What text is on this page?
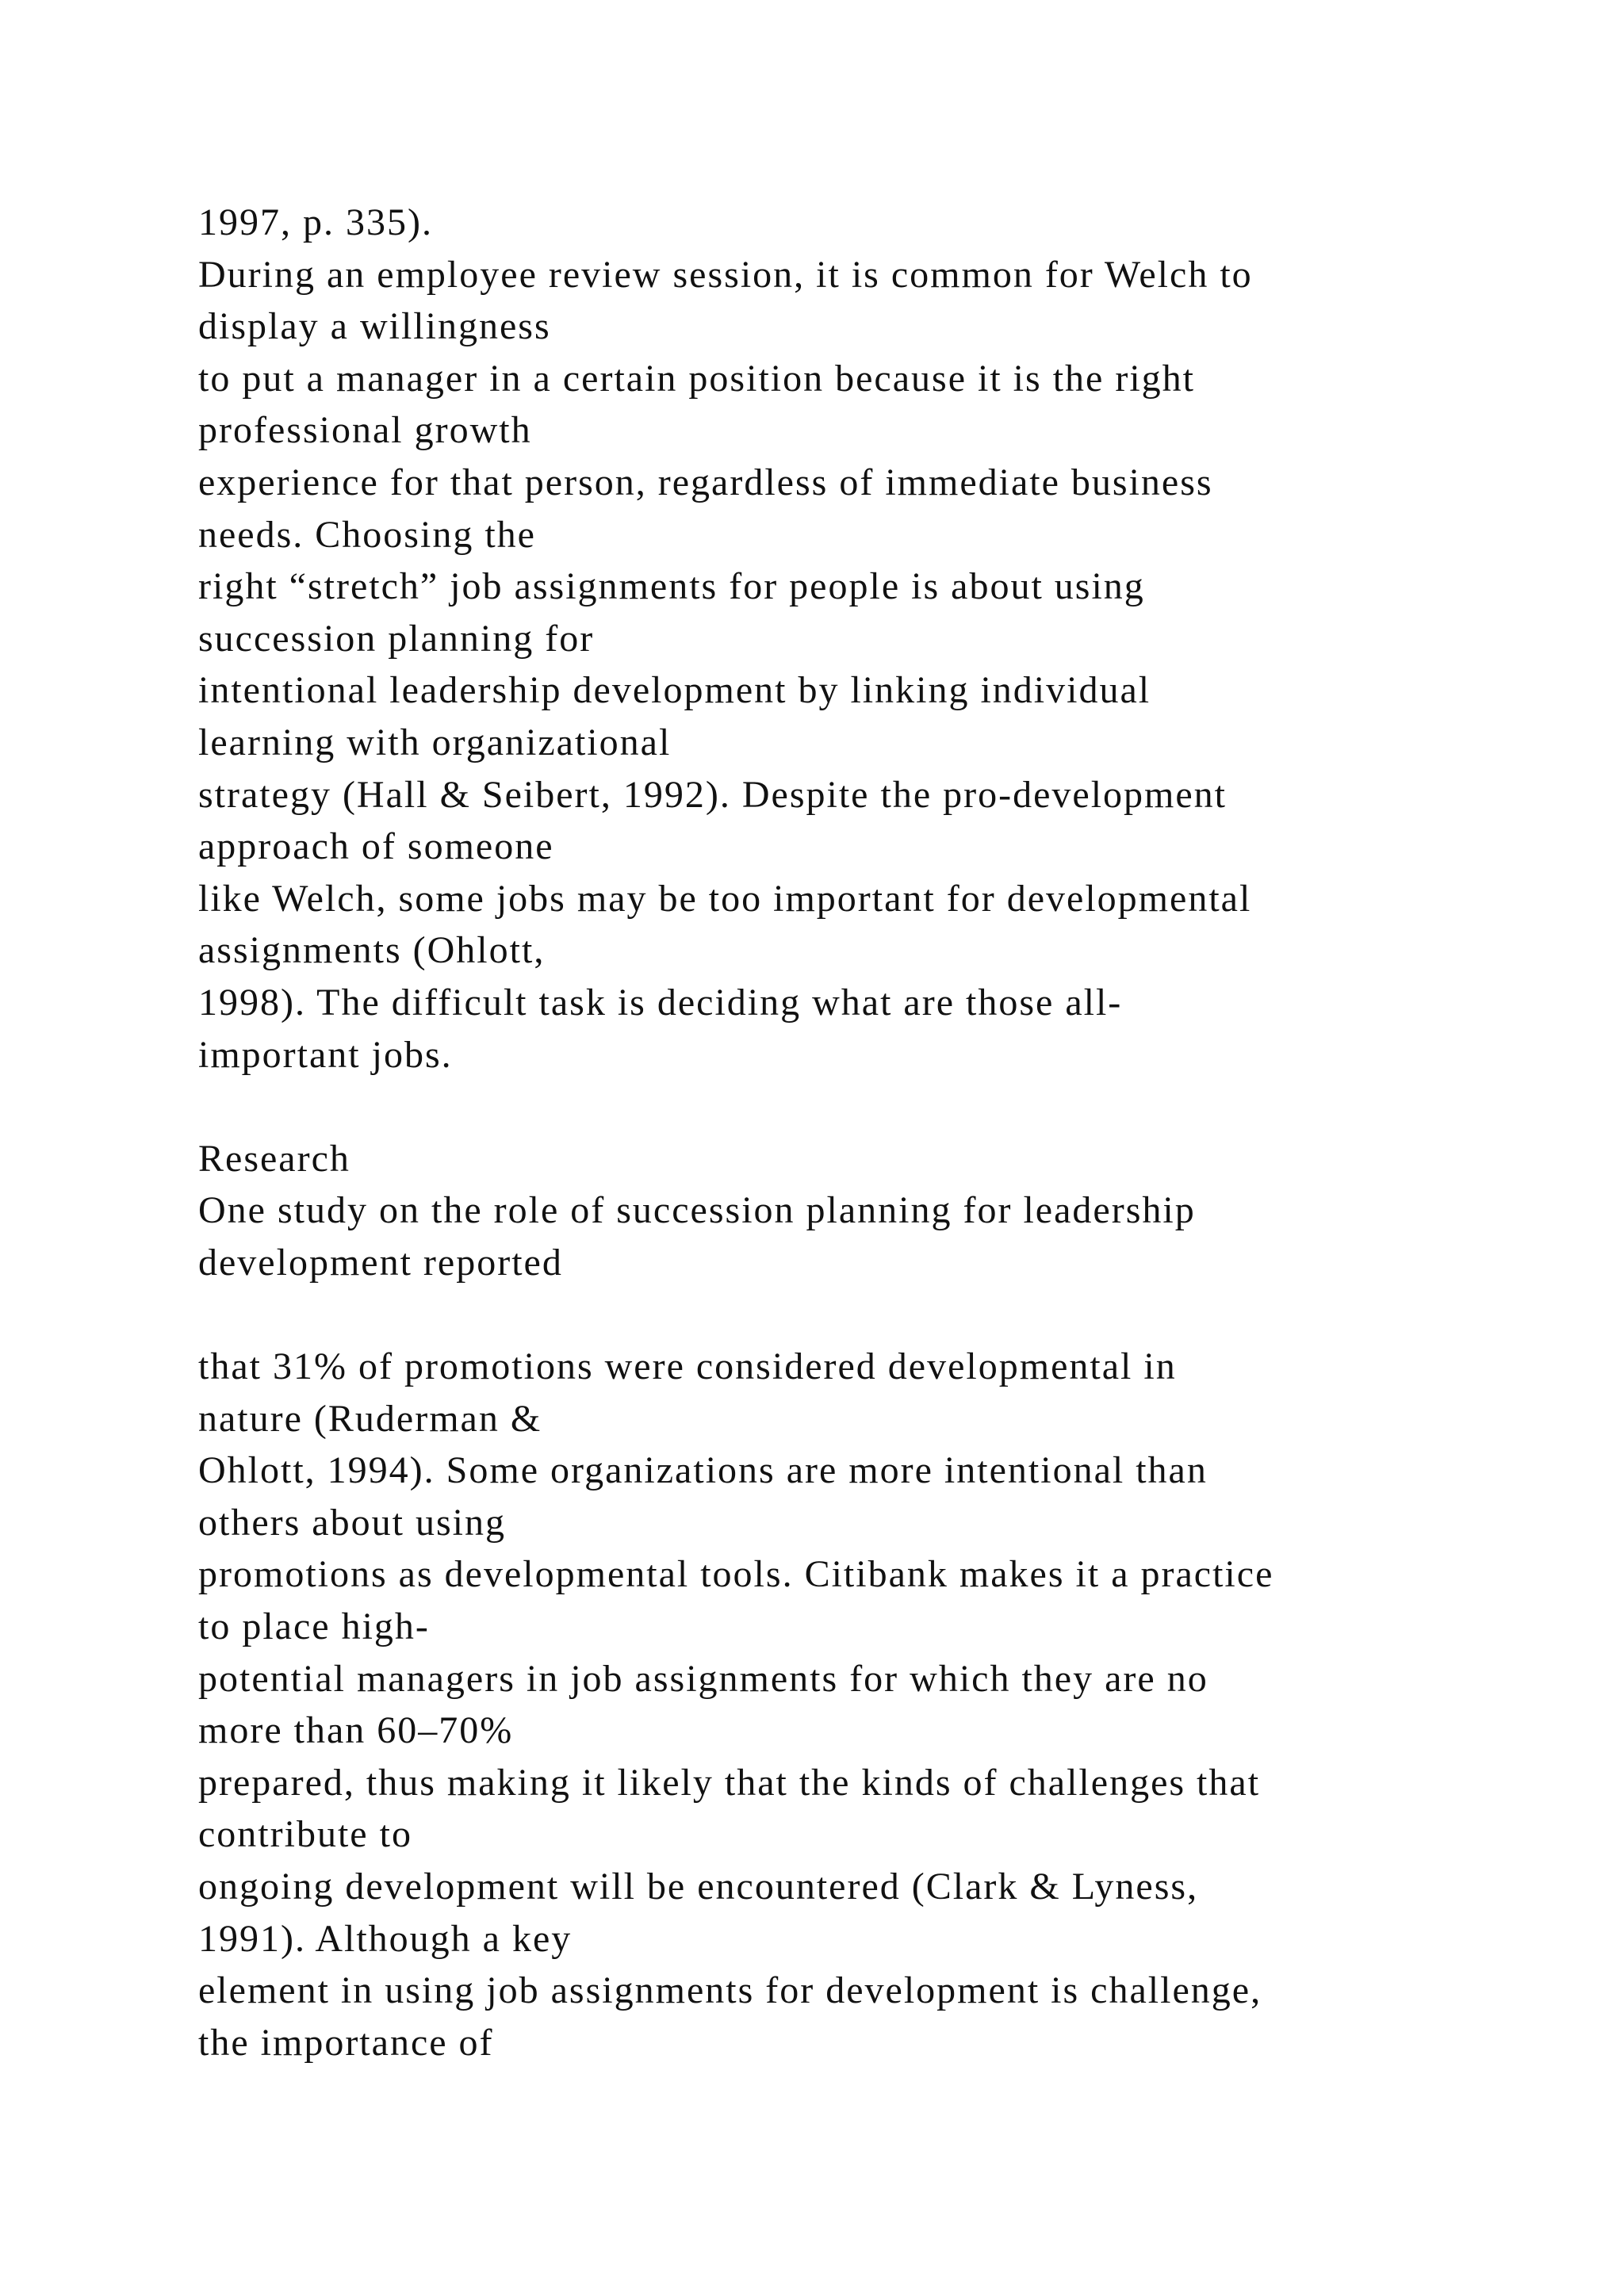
1997, p. 335).
During an employee review session, it is common for Welch to
display a willingness
to put a manager in a certain position because it is the right
professional growth
experience for that person, regardless of immediate business
needs. Choosing the
right “stretch” job assignments for people is about using
succession planning for
intentional leadership development by linking individual
learning with organizational
strategy (Hall & Seibert, 1992). Despite the pro-development
approach of someone
like Welch, some jobs may be too important for developmental
assignments (Ohlott,
1998). The difficult task is deciding what are those all-
important jobs.
Research
One study on the role of succession planning for leadership
development reported
that 31% of promotions were considered developmental in
nature (Ruderman &
Ohlott, 1994). Some organizations are more intentional than
others about using
promotions as developmental tools. Citibank makes it a practice
to place high-
potential managers in job assignments for which they are no
more than 60–70%
prepared, thus making it likely that the kinds of challenges that
contribute to
ongoing development will be encountered (Clark & Lyness,
1991). Although a key
element in using job assignments for development is challenge,
the importance of
